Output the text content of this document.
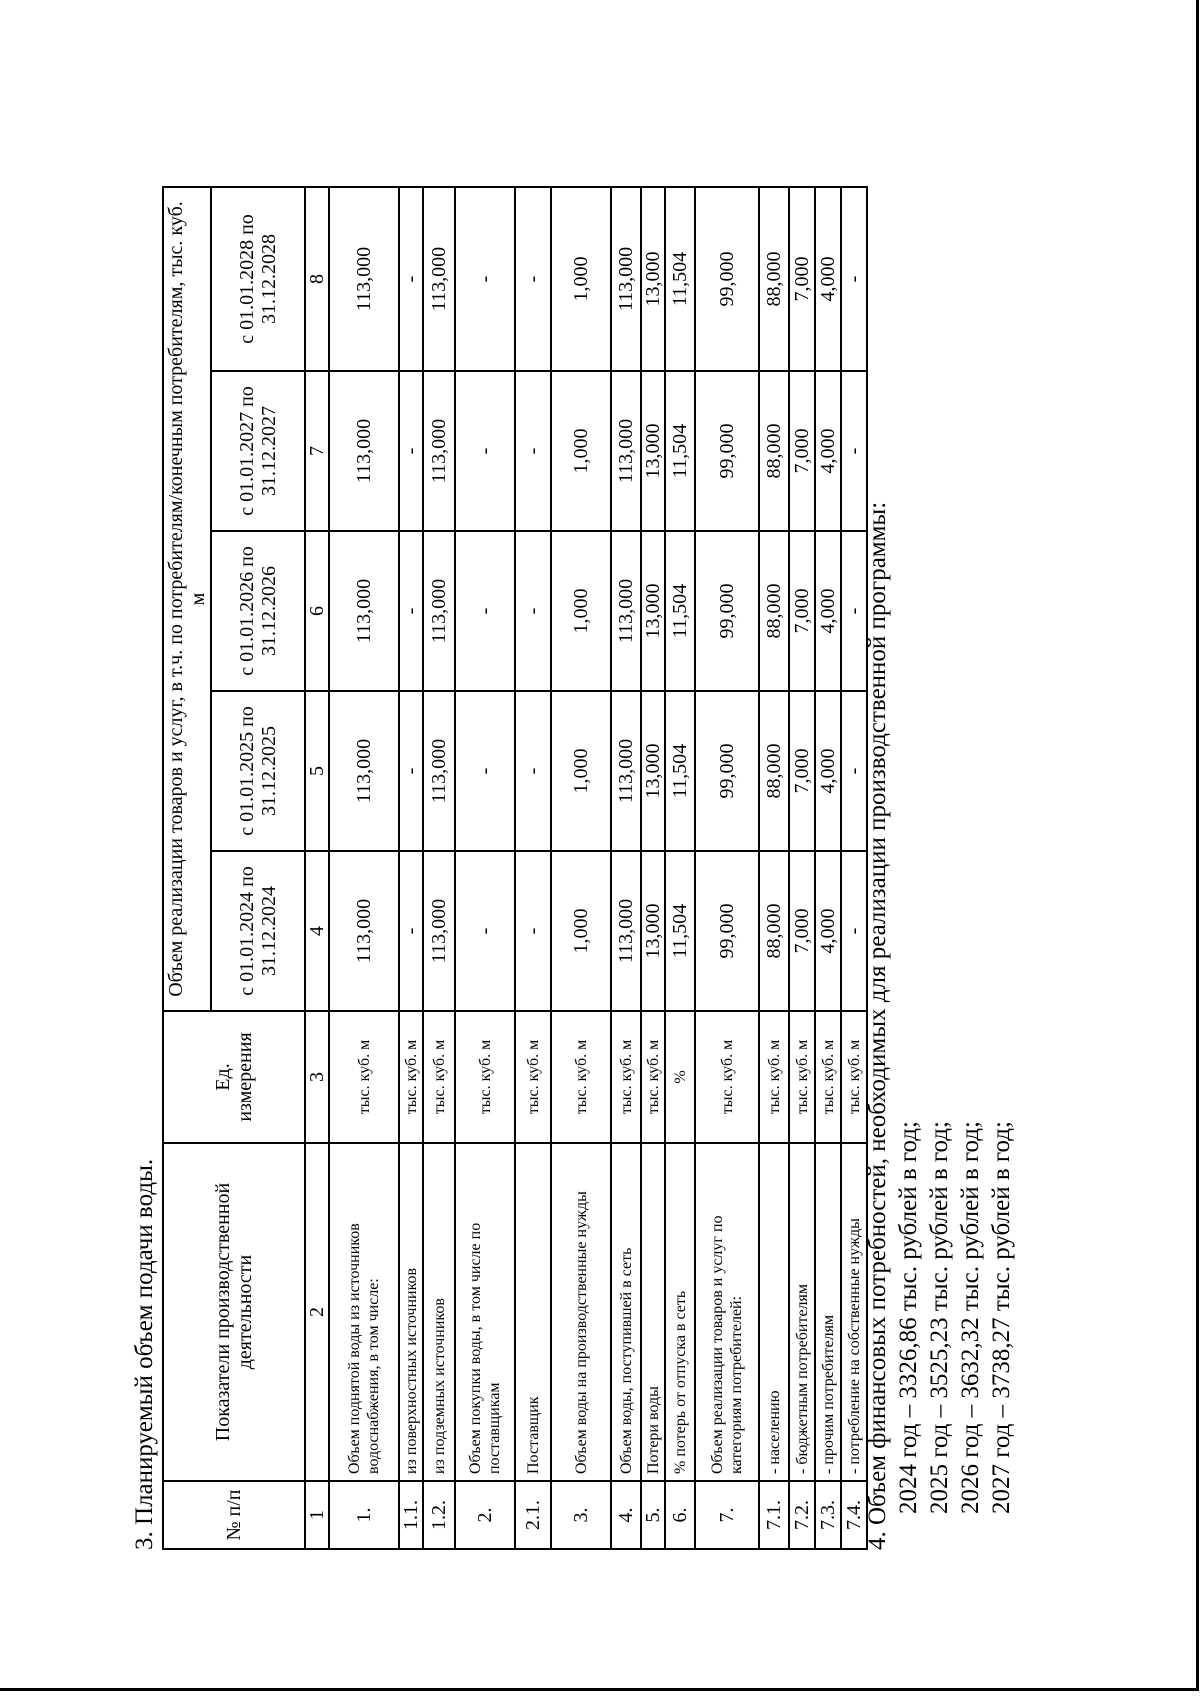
3. Планируемый объем подачи воды.	№ п/п	Показатели производственной деятельности	Ед. измерения	Объем реализации товаров и услуг, в т.ч. по потребителям/конечным потребителям, тыс. куб. м				
			с 01.01.2024 по 31.12.2024	с 01.01.2025 по 31.12.2025	с 01.01.2026 по 31.12.2026	с 01.01.2027 по 31.12.2027	с 01.01.2028 по 31.12.2028
1	2	3	4	5	6	7	8
1.	Объем поднятой воды из источников водоснабжения, в том числе:	тыс. куб. м	113,000	113,000	113,000	113,000	113,000
1.1.	из поверхностных источников	тыс. куб. м	-	-	-	-	-
1.2.	из подземных источников	тыс. куб. м	113,000	113,000	113,000	113,000	113,000
2.	Объем покупки воды, в том числе по поставщикам	тыс. куб. м	-	-	-	-	-
2.1.	Поставщик	тыс. куб. м	-	-	-	-	-
3.	Объем воды на производственные нужды	тыс. куб. м	1,000	1,000	1,000	1,000	1,000
4.	Объем воды, поступившей в сеть	тыс. куб. м	113,000	113,000	113,000	113,000	113,000
5.	Потери воды	тыс. куб. м	13,000	13,000	13,000	13,000	13,000
6.	% потерь от отпуска в сеть	%	11,504	11,504	11,504	11,504	11,504
7.	Объем реализации товаров и услуг по категориям потребителей:	тыс. куб. м	99,000	99,000	99,000	99,000	99,000
7.1.	- населению	тыс. куб. м	88,000	88,000	88,000	88,000	88,000
7.2.	- бюджетным потребителям	тыс. куб. м	7,000	7,000	7,000	7,000	7,000
7.3.	- прочим потребителям	тыс. куб. м	4,000	4,000	4,000	4,000	4,000
7.4.	- потребление на собственные нужды	тыс. куб. м	-	-	-	-	-
4. Объем финансовых потребностей, необходимых для реализации производственной программы: 2024 год – 3326,86 тыс. рублей в год; 2025 год – 3525,23 тыс. рублей в год; 2026 год – 3632,32 тыс. рублей в год; 2027 год – 3738,27 тыс. рублей в год;
